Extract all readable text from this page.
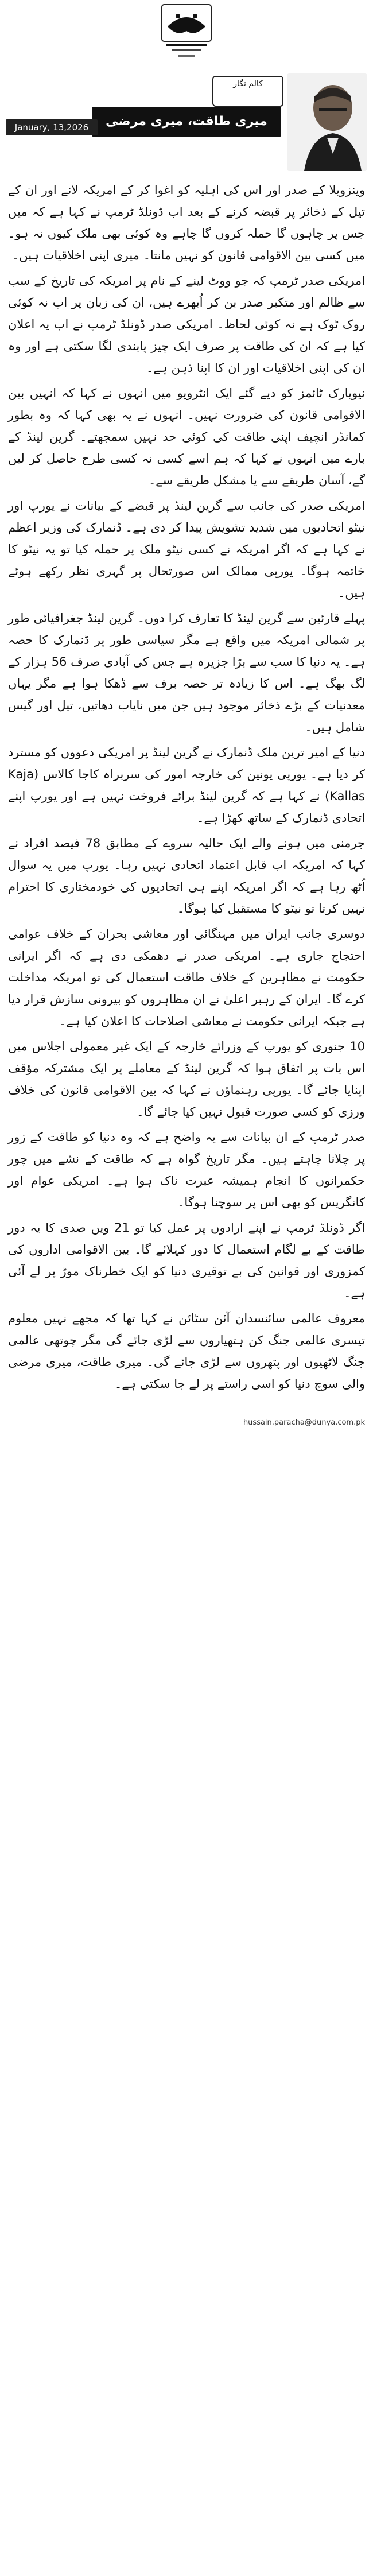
کالم نگار
میری طاقت، میری مرضی
January, 13,2026

وینزویلا کے صدر اور اس کی اہلیہ کو اغوا کر کے امریکہ لانے اور ان کے تیل کے ذخائر پر قبضہ کرنے کے بعد اب ڈونلڈ ٹرمپ نے کہا ہے کہ میں جس پر چاہوں گا حملہ کروں گا چاہے وہ کوئی بھی ملک کیوں نہ ہو۔ میں کسی بین الاقوامی قانون کو نہیں مانتا۔ میری اپنی اخلاقیات ہیں۔

امریکی صدر ٹرمپ کہ جو ووٹ لینے کے نام پر امریکہ کی تاریخ کے سب سے ظالم اور متکبر صدر بن کر اُبھرے ہیں، ان کی زبان پر اب نہ کوئی روک ٹوک ہے نہ کوئی لحاظ۔ امریکی صدر ڈونلڈ ٹرمپ نے اب یہ اعلان کیا ہے کہ ان کی طاقت پر صرف ایک چیز پابندی لگا سکتی ہے اور وہ ان کی اپنی اخلاقیات اور ان کا اپنا ذہن ہے۔

نیویارک ٹائمز کو دیے گئے ایک انٹرویو میں انہوں نے کہا کہ انہیں بین الاقوامی قانون کی ضرورت نہیں۔ انہوں نے یہ بھی کہا کہ وہ بطور کمانڈر انچیف اپنی طاقت کی کوئی حد نہیں سمجھتے۔ گرین لینڈ کے بارے میں انہوں نے کہا کہ ہم اسے کسی نہ کسی طرح حاصل کر لیں گے، آسان طریقے سے یا مشکل طریقے سے۔

امریکی صدر کی جانب سے گرین لینڈ پر قبضے کے بیانات نے یورپ اور نیٹو اتحادیوں میں شدید تشویش پیدا کر دی ہے۔ ڈنمارک کی وزیر اعظم نے کہا ہے کہ اگر امریکہ نے کسی نیٹو ملک پر حملہ کیا تو یہ نیٹو کا خاتمہ ہوگا۔ یورپی ممالک اس صورتحال پر گہری نظر رکھے ہوئے ہیں۔

پہلے قارئین سے گرین لینڈ کا تعارف کرا دوں۔ گرین لینڈ جغرافیائی طور پر شمالی امریکہ میں واقع ہے مگر سیاسی طور پر ڈنمارک کا حصہ ہے۔ یہ دنیا کا سب سے بڑا جزیرہ ہے جس کی آبادی صرف 56 ہزار کے لگ بھگ ہے۔ اس کا زیادہ تر حصہ برف سے ڈھکا ہوا ہے مگر یہاں معدنیات کے بڑے ذخائر موجود ہیں جن میں نایاب دھاتیں، تیل اور گیس شامل ہیں۔

دنیا کے امیر ترین ملک ڈنمارک نے گرین لینڈ پر امریکی دعووں کو مسترد کر دیا ہے۔ یورپی یونین کی خارجہ امور کی سربراہ کاجا کالاس (Kaja Kallas) نے کہا ہے کہ گرین لینڈ برائے فروخت نہیں ہے اور یورپ اپنے اتحادی ڈنمارک کے ساتھ کھڑا ہے۔

جرمنی میں ہونے والے ایک حالیہ سروے کے مطابق 78 فیصد افراد نے کہا کہ امریکہ اب قابل اعتماد اتحادی نہیں رہا۔ یورپ میں یہ سوال اُٹھ رہا ہے کہ اگر امریکہ اپنے ہی اتحادیوں کی خودمختاری کا احترام نہیں کرتا تو نیٹو کا مستقبل کیا ہوگا۔

دوسری جانب ایران میں مہنگائی اور معاشی بحران کے خلاف عوامی احتجاج جاری ہے۔ امریکی صدر نے دھمکی دی ہے کہ اگر ایرانی حکومت نے مظاہرین کے خلاف طاقت استعمال کی تو امریکہ مداخلت کرے گا۔ ایران کے رہبر اعلیٰ نے ان مظاہروں کو بیرونی سازش قرار دیا ہے جبکہ ایرانی حکومت نے معاشی اصلاحات کا اعلان کیا ہے۔

10 جنوری کو یورپ کے وزرائے خارجہ کے ایک غیر معمولی اجلاس میں اس بات پر اتفاق ہوا کہ گرین لینڈ کے معاملے پر ایک مشترکہ مؤقف اپنایا جائے گا۔ یورپی رہنماؤں نے کہا کہ بین الاقوامی قانون کی خلاف ورزی کو کسی صورت قبول نہیں کیا جائے گا۔

صدر ٹرمپ کے ان بیانات سے یہ واضح ہے کہ وہ دنیا کو طاقت کے زور پر چلانا چاہتے ہیں۔ مگر تاریخ گواہ ہے کہ طاقت کے نشے میں چور حکمرانوں کا انجام ہمیشہ عبرت ناک ہوا ہے۔ امریکی عوام اور کانگریس کو بھی اس پر سوچنا ہوگا۔

اگر ڈونلڈ ٹرمپ نے اپنے ارادوں پر عمل کیا تو 21 ویں صدی کا یہ دور طاقت کے بے لگام استعمال کا دور کہلائے گا۔ بین الاقوامی اداروں کی کمزوری اور قوانین کی بے توقیری دنیا کو ایک خطرناک موڑ پر لے آئی ہے۔

معروف عالمی سائنسدان آئن سٹائن نے کہا تھا کہ مجھے نہیں معلوم تیسری عالمی جنگ کن ہتھیاروں سے لڑی جائے گی مگر چوتھی عالمی جنگ لاٹھیوں اور پتھروں سے لڑی جائے گی۔ میری طاقت، میری مرضی والی سوچ دنیا کو اسی راستے پر لے جا سکتی ہے۔

hussain.paracha@dunya.com.pk
